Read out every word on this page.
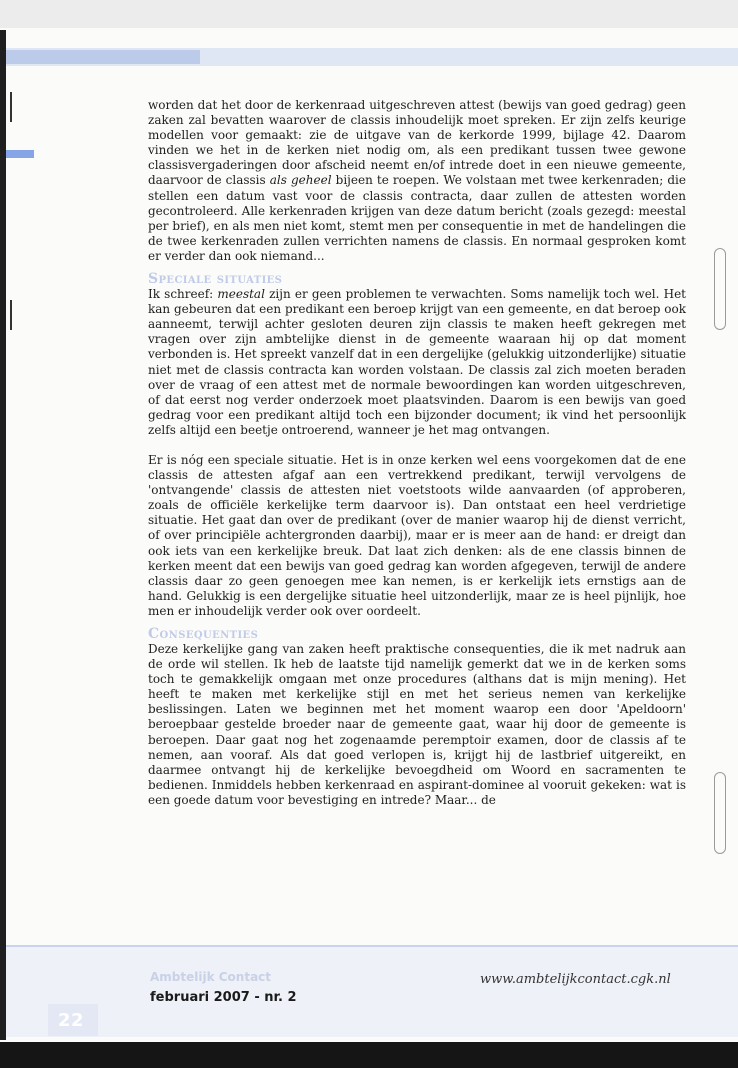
worden dat het door de kerkenraad uitgeschreven attest (bewijs van goed gedrag) geen zaken zal bevatten waarover de classis inhoudelijk moet spreken. Er zijn zelfs keurige modellen voor gemaakt: zie de uitgave van de kerkorde 1999, bijlage 42. Daarom vinden we het in de kerken niet nodig om, als een predikant tussen twee gewone classisvergaderingen door afscheid neemt en/of intrede doet in een nieuwe gemeente, daarvoor de classis als geheel bijeen te roepen. We volstaan met twee kerkenraden; die stellen een datum vast voor de classis contracta, daar zullen de attesten worden gecontroleerd. Alle kerkenraden krijgen van deze datum bericht (zoals gezegd: meestal per brief), en als men niet komt, stemt men per consequentie in met de handelingen die de twee kerkenraden zullen verrichten namens de classis. En normaal gesproken komt er verder dan ook niemand...

Speciale situaties

Ik schreef: meestal zijn er geen problemen te verwachten. Soms namelijk toch wel. Het kan gebeuren dat een predikant een beroep krijgt van een gemeente, en dat beroep ook aanneemt, terwijl achter gesloten deuren zijn classis te maken heeft gekregen met vragen over zijn ambtelijke dienst in de gemeente waaraan hij op dat moment verbonden is. Het spreekt vanzelf dat in een dergelijke (gelukkig uitzonderlijke) situatie niet met de classis contracta kan worden volstaan. De classis zal zich moeten beraden over de vraag of een attest met de normale bewoordingen kan worden uitgeschreven, of dat eerst nog verder onderzoek moet plaatsvinden. Daarom is een bewijs van goed gedrag voor een predikant altijd toch een bijzonder document; ik vind het persoonlijk zelfs altijd een beetje ontroerend, wanneer je het mag ontvangen.

Er is nóg een speciale situatie. Het is in onze kerken wel eens voorgekomen dat de ene classis de attesten afgaf aan een vertrekkend predikant, terwijl vervolgens de 'ontvangende' classis de attesten niet voetstoots wilde aanvaarden (of approberen, zoals de officiële kerkelijke term daarvoor is). Dan ontstaat een heel verdrietige situatie. Het gaat dan over de predikant (over de manier waarop hij de dienst verricht, of over principiële achtergronden daarbij), maar er is meer aan de hand: er dreigt dan ook iets van een kerkelijke breuk. Dat laat zich denken: als de ene classis binnen de kerken meent dat een bewijs van goed gedrag kan worden afgegeven, terwijl de andere classis daar zo geen genoegen mee kan nemen, is er kerkelijk iets ernstigs aan de hand. Gelukkig is een dergelijke situatie heel uitzonderlijk, maar ze is heel pijnlijk, hoe men er inhoudelijk verder ook over oordeelt.

Consequenties

Deze kerkelijke gang van zaken heeft praktische consequenties, die ik met nadruk aan de orde wil stellen. Ik heb de laatste tijd namelijk gemerkt dat we in de kerken soms toch te gemakkelijk omgaan met onze procedures (althans dat is mijn mening). Het heeft te maken met kerkelijke stijl en met het serieus nemen van kerkelijke beslissingen. Laten we beginnen met het moment waarop een door 'Apeldoorn' beroepbaar gestelde broeder naar de gemeente gaat, waar hij door de gemeente is beroepen. Daar gaat nog het zogenaamde peremptoir examen, door de classis af te nemen, aan vooraf. Als dat goed verlopen is, krijgt hij de lastbrief uitgereikt, en daarmee ontvangt hij de kerkelijke bevoegdheid om Woord en sacramenten te bedienen. Inmiddels hebben kerkenraad en aspirant-dominee al vooruit gekeken: wat is een goede datum voor bevestiging en intrede? Maar... de

22
Ambtelijk Contact
februari 2007 - nr. 2
www.ambtelijkcontact.cgk.nl
